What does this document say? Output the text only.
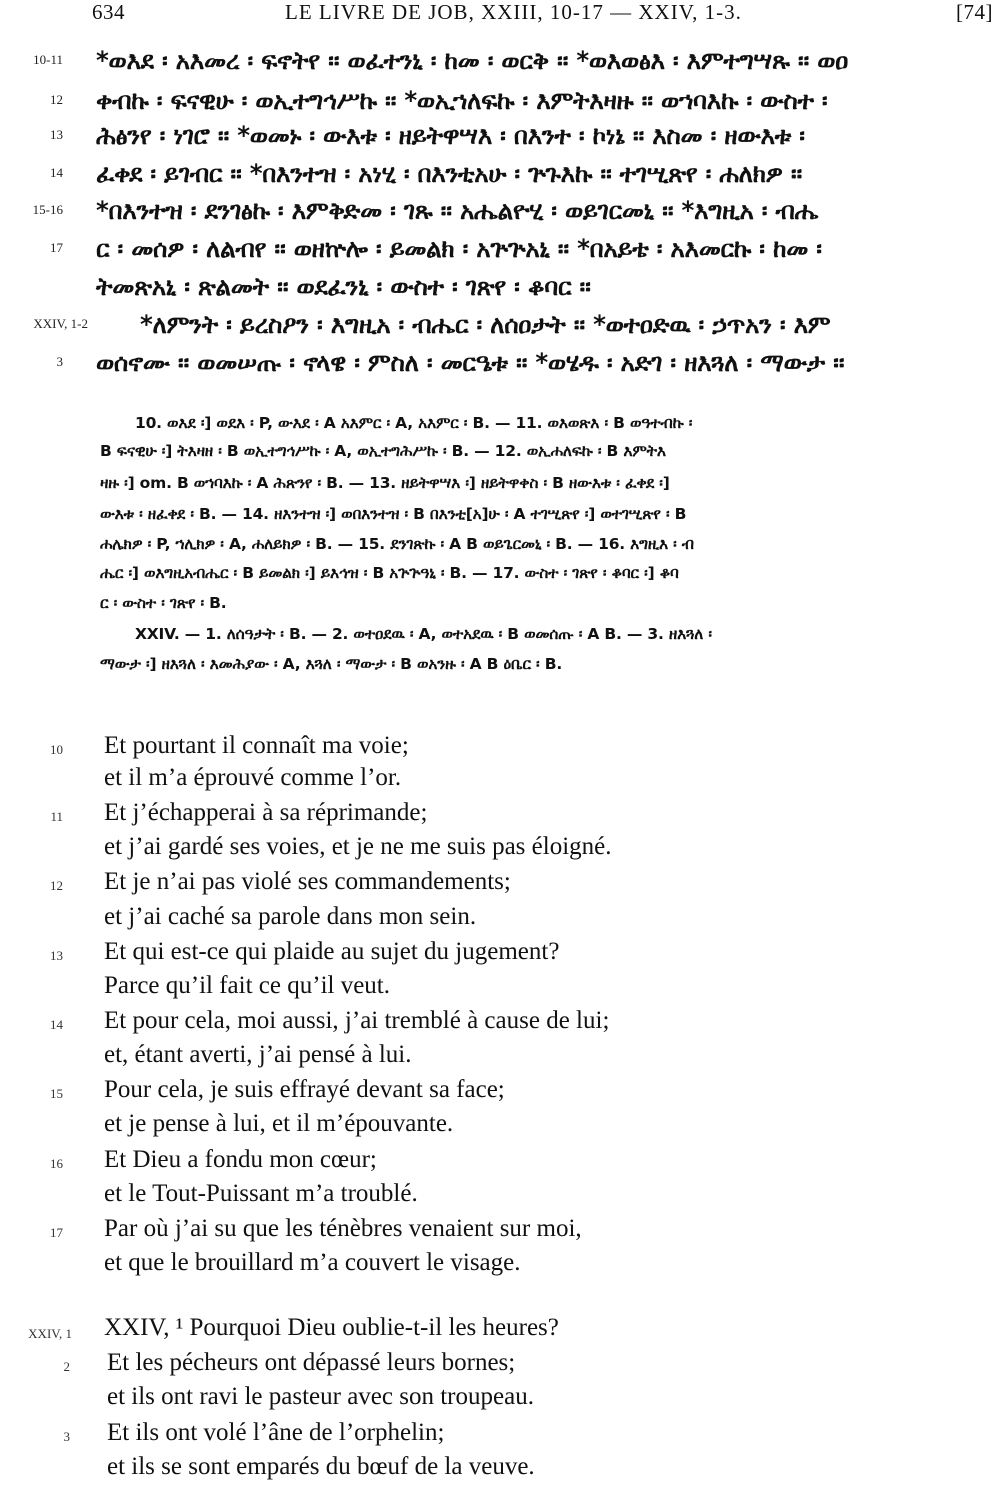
634	LE LIVRE DE JOB, XXIII, 10-17 — XXIV, 1-3.	[74]
10-11 *ወእደ ፡ አእመረ ፡ ፍኖትየ ። ወፈተንኒ ፡ ከመ ፡ ወርቅ ። *ወእወፅእ ፡ እምተግሣጹ ። ወዐ
12 ቀብኩ ፡ ፍናዊሁ ፡ ወኢተግኅሥኩ ። *ወኢኀለፍኩ ፡ እምትእዛዙ ። ወኀባእኩ ፡ ውስተ ፡
13 ሕፅንየ ፡ ነገሮ ። *ወመኑ ፡ ውእቱ ፡ ዘይትዋሣእ ፡ በእንተ ፡ ኮነኔ ። እስመ ፡ ዘውእቱ ፡
14 ፈቀደ ፡ ይገብር ። *በእንተዝ ፡ አነሂ ፡ በእንቲአሁ ፡ ጕጉእኩ ። ተገሢጽየ ፡ ሐለክዎ ።
15-16 *በእንተዝ ፡ ደንገፅኩ ፡ እምቅድመ ፡ ገጹ ። አሔልዮሂ ፡ ወይገርመኒ ። *እግዚአ ፡ ብሔ
17 ር ፡ መሰዎ ፡ ለልብየ ። ወዘኵሎ ፡ ይመልክ ፡ አጕጕአኒ ። *በአይቴ ፡ አእመርኩ ፡ ከመ ፡
ትመጽአኒ ፡ ጽልመት ። ወደፈንኒ ፡ ውስተ ፡ ገጽየ ፡ ቆባር ።
XXIV, 1-2 *ለምንት ፡ ይረስዖን ፡ እግዚአ ፡ ብሔር ፡ ለሰዐታት ። *ወተዐድዉ ፡ ኃጥአን ፡ እም
3 ወሰኖሙ ። ወመሠጡ ፡ ኖላዌ ፡ ምስለ ፡ መርዔቱ ። *ወሄዱ ፡ አድገ ፡ ዘእጓለ ፡ ማውታ ።
10. ወእደ ፡] ወደእ ፡ P, ውእደ ፡ A አእምር ፡ A, አእምር ፡ B. — 11. ወእወጽእ ፡ B ወዓተብኩ ፡
B ፍናዊሁ ፡] ትእዛዘ ፡ B ወኢተግኅሥኩ ፡ A, ወኢተግሕሥኩ ፡ B. — 12. ወኢሐለፍኩ ፡ B እምትእ
ዛዙ ፡] om. B ወኀባእኩ ፡ A ሕጽንየ ፡ B. — 13. ዘይትዋሣእ ፡] ዘይትዋቀስ ፡ B ዘውእቱ ፡ ፈቀደ ፡]
ውእቱ ፡ ዘፈቀደ ፡ B. — 14. ዘእንተዝ ፡] ወበእንተዝ ፡ B በእንቲ[አ]ሁ ፡ A ተገሢጽየ ፡] ወተገሢጽየ ፡ B
ሐሌክዎ ፡ P, ኀሊክዎ ፡ A, ሐለይክዎ ፡ B. — 15. ደንገጽኩ ፡ A B ወይጌርመኒ ፡ B. — 16. እግዚእ ፡ ብ
ሔር ፡] ወእግዚአብሔር ፡ B ይመልክ ፡] ይእኅዝ ፡ B አጕጕዓኒ ፡ B. — 17. ውስተ ፡ ገጽየ ፡ ቆባር ፡] ቆባ
ር ፡ ውስተ ፡ ገጽየ ፡ B.
XXIV. — 1. ለሰዓታት ፡ B. — 2. ወተዐደዉ ፡ A, ወተአደዉ ፡ B ወመሰጡ ፡ A B. — 3. ዘእጓለ ፡
ማውታ ፡] ዘእጓለ ፡ እመሕያው ፡ A, እጓለ ፡ ማውታ ፡ B ወአንዙ ፡ A B ዕቤር ፡ B.
10 Et pourtant il connaît ma voie;
et il m’a éprouvé comme l’or.
11 Et j’échapperai à sa réprimande;
et j’ai gardé ses voies, et je ne me suis pas éloigné.
12 Et je n’ai pas violé ses commandements;
et j’ai caché sa parole dans mon sein.
13 Et qui est-ce qui plaide au sujet du jugement?
Parce qu’il fait ce qu’il veut.
14 Et pour cela, moi aussi, j’ai tremblé à cause de lui;
et, étant averti, j’ai pensé à lui.
15 Pour cela, je suis effrayé devant sa face;
et je pense à lui, et il m’épouvante.
16 Et Dieu a fondu mon cœur;
et le Tout-Puissant m’a troublé.
17 Par où j’ai su que les ténèbres venaient sur moi,
et que le brouillard m’a couvert le visage.
XXIV, 1 XXIV, ¹ Pourquoi Dieu oublie-t-il les heures?
2 Et les pécheurs ont dépassé leurs bornes;
et ils ont ravi le pasteur avec son troupeau.
3 Et ils ont volé l’âne de l’orphelin;
et ils se sont emparés du bœuf de la veuve.
